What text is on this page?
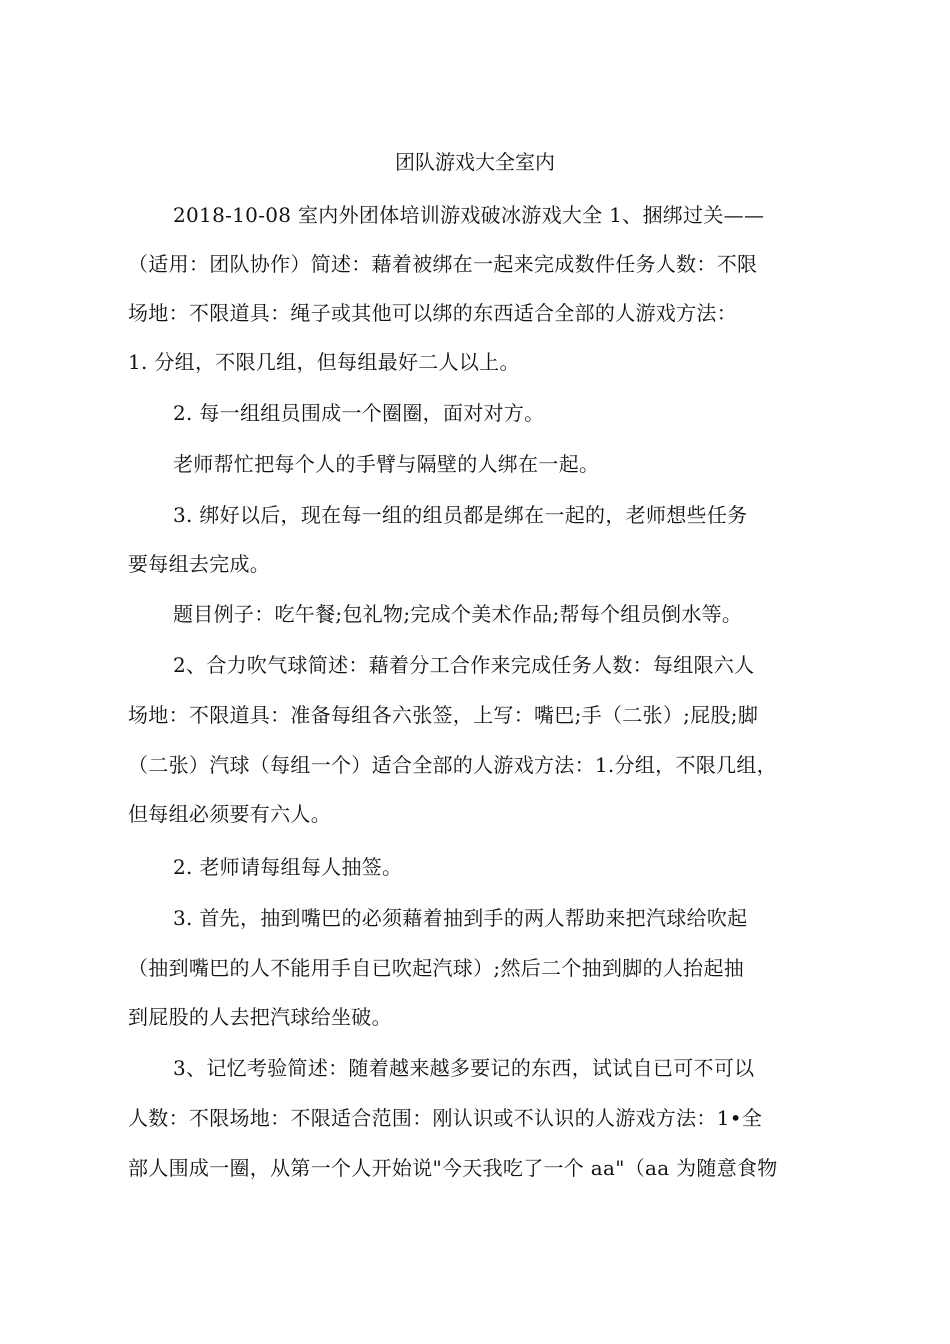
团队游戏大全室内
2018-10-08 室内外团体培训游戏破冰游戏大全 1、捆绑过关——
（适用：团队协作）简述：藉着被绑在一起来完成数件任务人数：不限
场地：不限道具：绳子或其他可以绑的东西适合全部的人游戏方法：
1. 分组，不限几组，但每组最好二人以上。
2. 每一组组员围成一个圈圈，面对对方。
老师帮忙把每个人的手臂与隔壁的人绑在一起。
3. 绑好以后，现在每一组的组员都是绑在一起的，老师想些任务
要每组去完成。
题目例子：吃午餐;包礼物;完成个美术作品;帮每个组员倒水等。
2、合力吹气球简述：藉着分工合作来完成任务人数：每组限六人
场地：不限道具：准备每组各六张签，上写：嘴巴;手（二张）;屁股;脚
（二张）汽球（每组一个）适合全部的人游戏方法：1.分组，不限几组，
但每组必须要有六人。
2. 老师请每组每人抽签。
3. 首先，抽到嘴巴的必须藉着抽到手的两人帮助来把汽球给吹起
（抽到嘴巴的人不能用手自已吹起汽球）;然后二个抽到脚的人抬起抽
到屁股的人去把汽球给坐破。
3、记忆考验简述：随着越来越多要记的东西，试试自已可不可以
人数：不限场地：不限适合范围：刚认识或不认识的人游戏方法：1•全
部人围成一圈，从第一个人开始说"今天我吃了一个 aa"（aa 为随意食物
